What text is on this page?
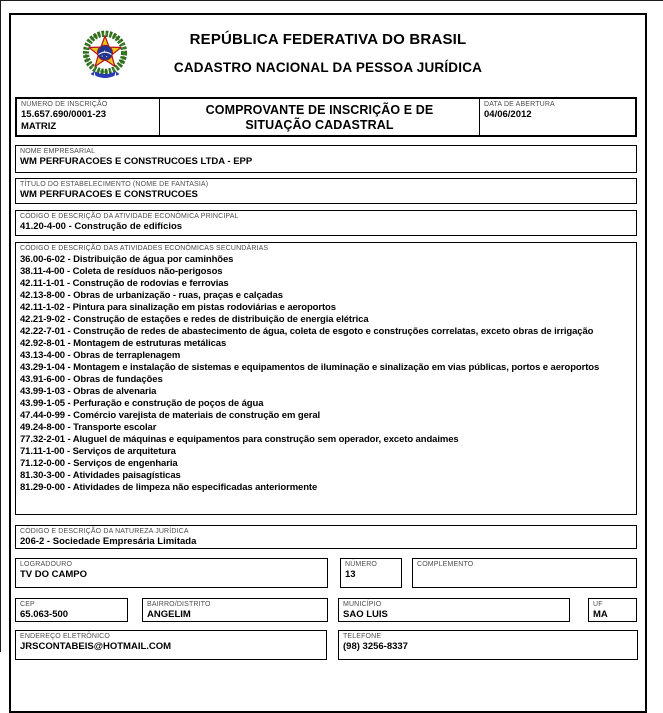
REPÚBLICA FEDERATIVA DO BRASIL
CADASTRO NACIONAL DA PESSOA JURÍDICA
NÚMERO DE INSCRIÇÃO
15.657.690/0001-23
MATRIZ
COMPROVANTE DE INSCRIÇÃO E DE
SITUAÇÃO CADASTRAL
DATA DE ABERTURA
04/06/2012
NOME EMPRESARIAL
WM PERFURACOES E CONSTRUCOES LTDA - EPP
TÍTULO DO ESTABELECIMENTO (NOME DE FANTASIA)
WM PERFURACOES E CONSTRUCOES
CÓDIGO E DESCRIÇÃO DA ATIVIDADE ECONÔMICA PRINCIPAL
41.20-4-00 - Construção de edifícios
CÓDIGO E DESCRIÇÃO DAS ATIVIDADES ECONÔMICAS SECUNDÁRIAS
36.00-6-02 - Distribuição de água por caminhões
38.11-4-00 - Coleta de resíduos não-perigosos
42.11-1-01 - Construção de rodovias e ferrovias
42.13-8-00 - Obras de urbanização - ruas, praças e calçadas
42.11-1-02 - Pintura para sinalização em pistas rodoviárias e aeroportos
42.21-9-02 - Construção de estações e redes de distribuição de energia elétrica
42.22-7-01 - Construção de redes de abastecimento de água, coleta de esgoto e construções correlatas, exceto obras de irrigação
42.92-8-01 - Montagem de estruturas metálicas
43.13-4-00 - Obras de terraplenagem
43.29-1-04 - Montagem e instalação de sistemas e equipamentos de iluminação e sinalização em vias públicas, portos e aeroportos
43.91-6-00 - Obras de fundações
43.99-1-03 - Obras de alvenaria
43.99-1-05 - Perfuração e construção de poços de água
47.44-0-99 - Comércio varejista de materiais de construção em geral
49.24-8-00 - Transporte escolar
77.32-2-01 - Aluguel de máquinas e equipamentos para construção sem operador, exceto andaimes
71.11-1-00 - Serviços de arquitetura
71.12-0-00 - Serviços de engenharia
81.30-3-00 - Atividades paisagísticas
81.29-0-00 - Atividades de limpeza não especificadas anteriormente
CÓDIGO E DESCRIÇÃO DA NATUREZA JURÍDICA
206-2 - Sociedade Empresária Limitada
LOGRADOURO
TV DO CAMPO
NÚMERO
13
COMPLEMENTO
CEP
65.063-500
BAIRRO/DISTRITO
ANGELIM
MUNICÍPIO
SAO LUIS
UF
MA
ENDEREÇO ELETRÔNICO
JRSCONTABEIS@HOTMAIL.COM
TELEFONE
(98) 3256-8337
